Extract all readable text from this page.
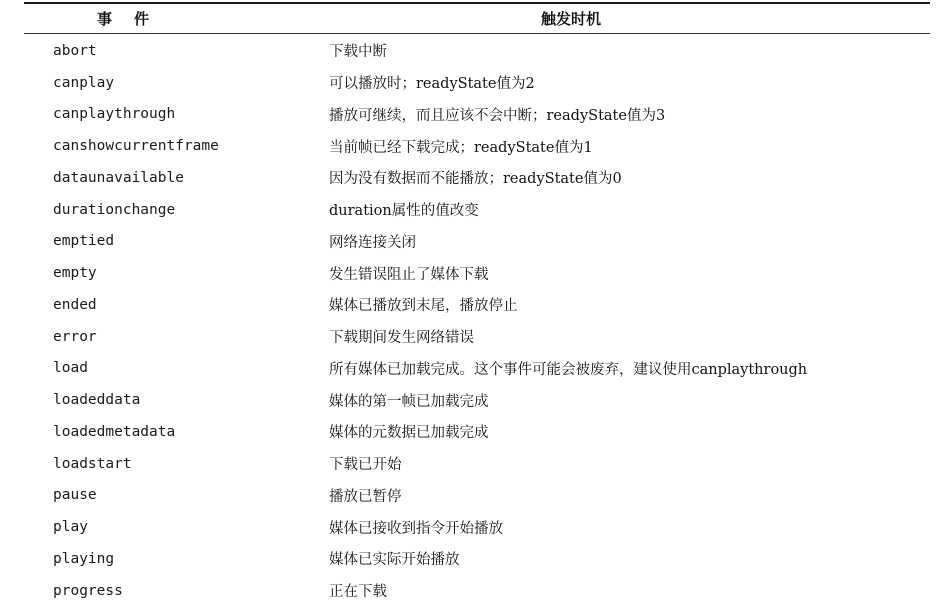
事件	触发时机
abort	下载中断
canplay	可以播放时；readyState值为2
canplaythrough	播放可继续，而且应该不会中断；readyState值为3
canshowcurrentframe	当前帧已经下载完成；readyState值为1
dataunavailable	因为没有数据而不能播放；readyState值为0
durationchange	duration属性的值改变
emptied	网络连接关闭
empty	发生错误阻止了媒体下载
ended	媒体已播放到末尾，播放停止
error	下载期间发生网络错误
load	所有媒体已加载完成。这个事件可能会被废弃，建议使用canplaythrough
loadeddata	媒体的第一帧已加载完成
loadedmetadata	媒体的元数据已加载完成
loadstart	下载已开始
pause	播放已暂停
play	媒体已接收到指令开始播放
playing	媒体已实际开始播放
progress	正在下载
